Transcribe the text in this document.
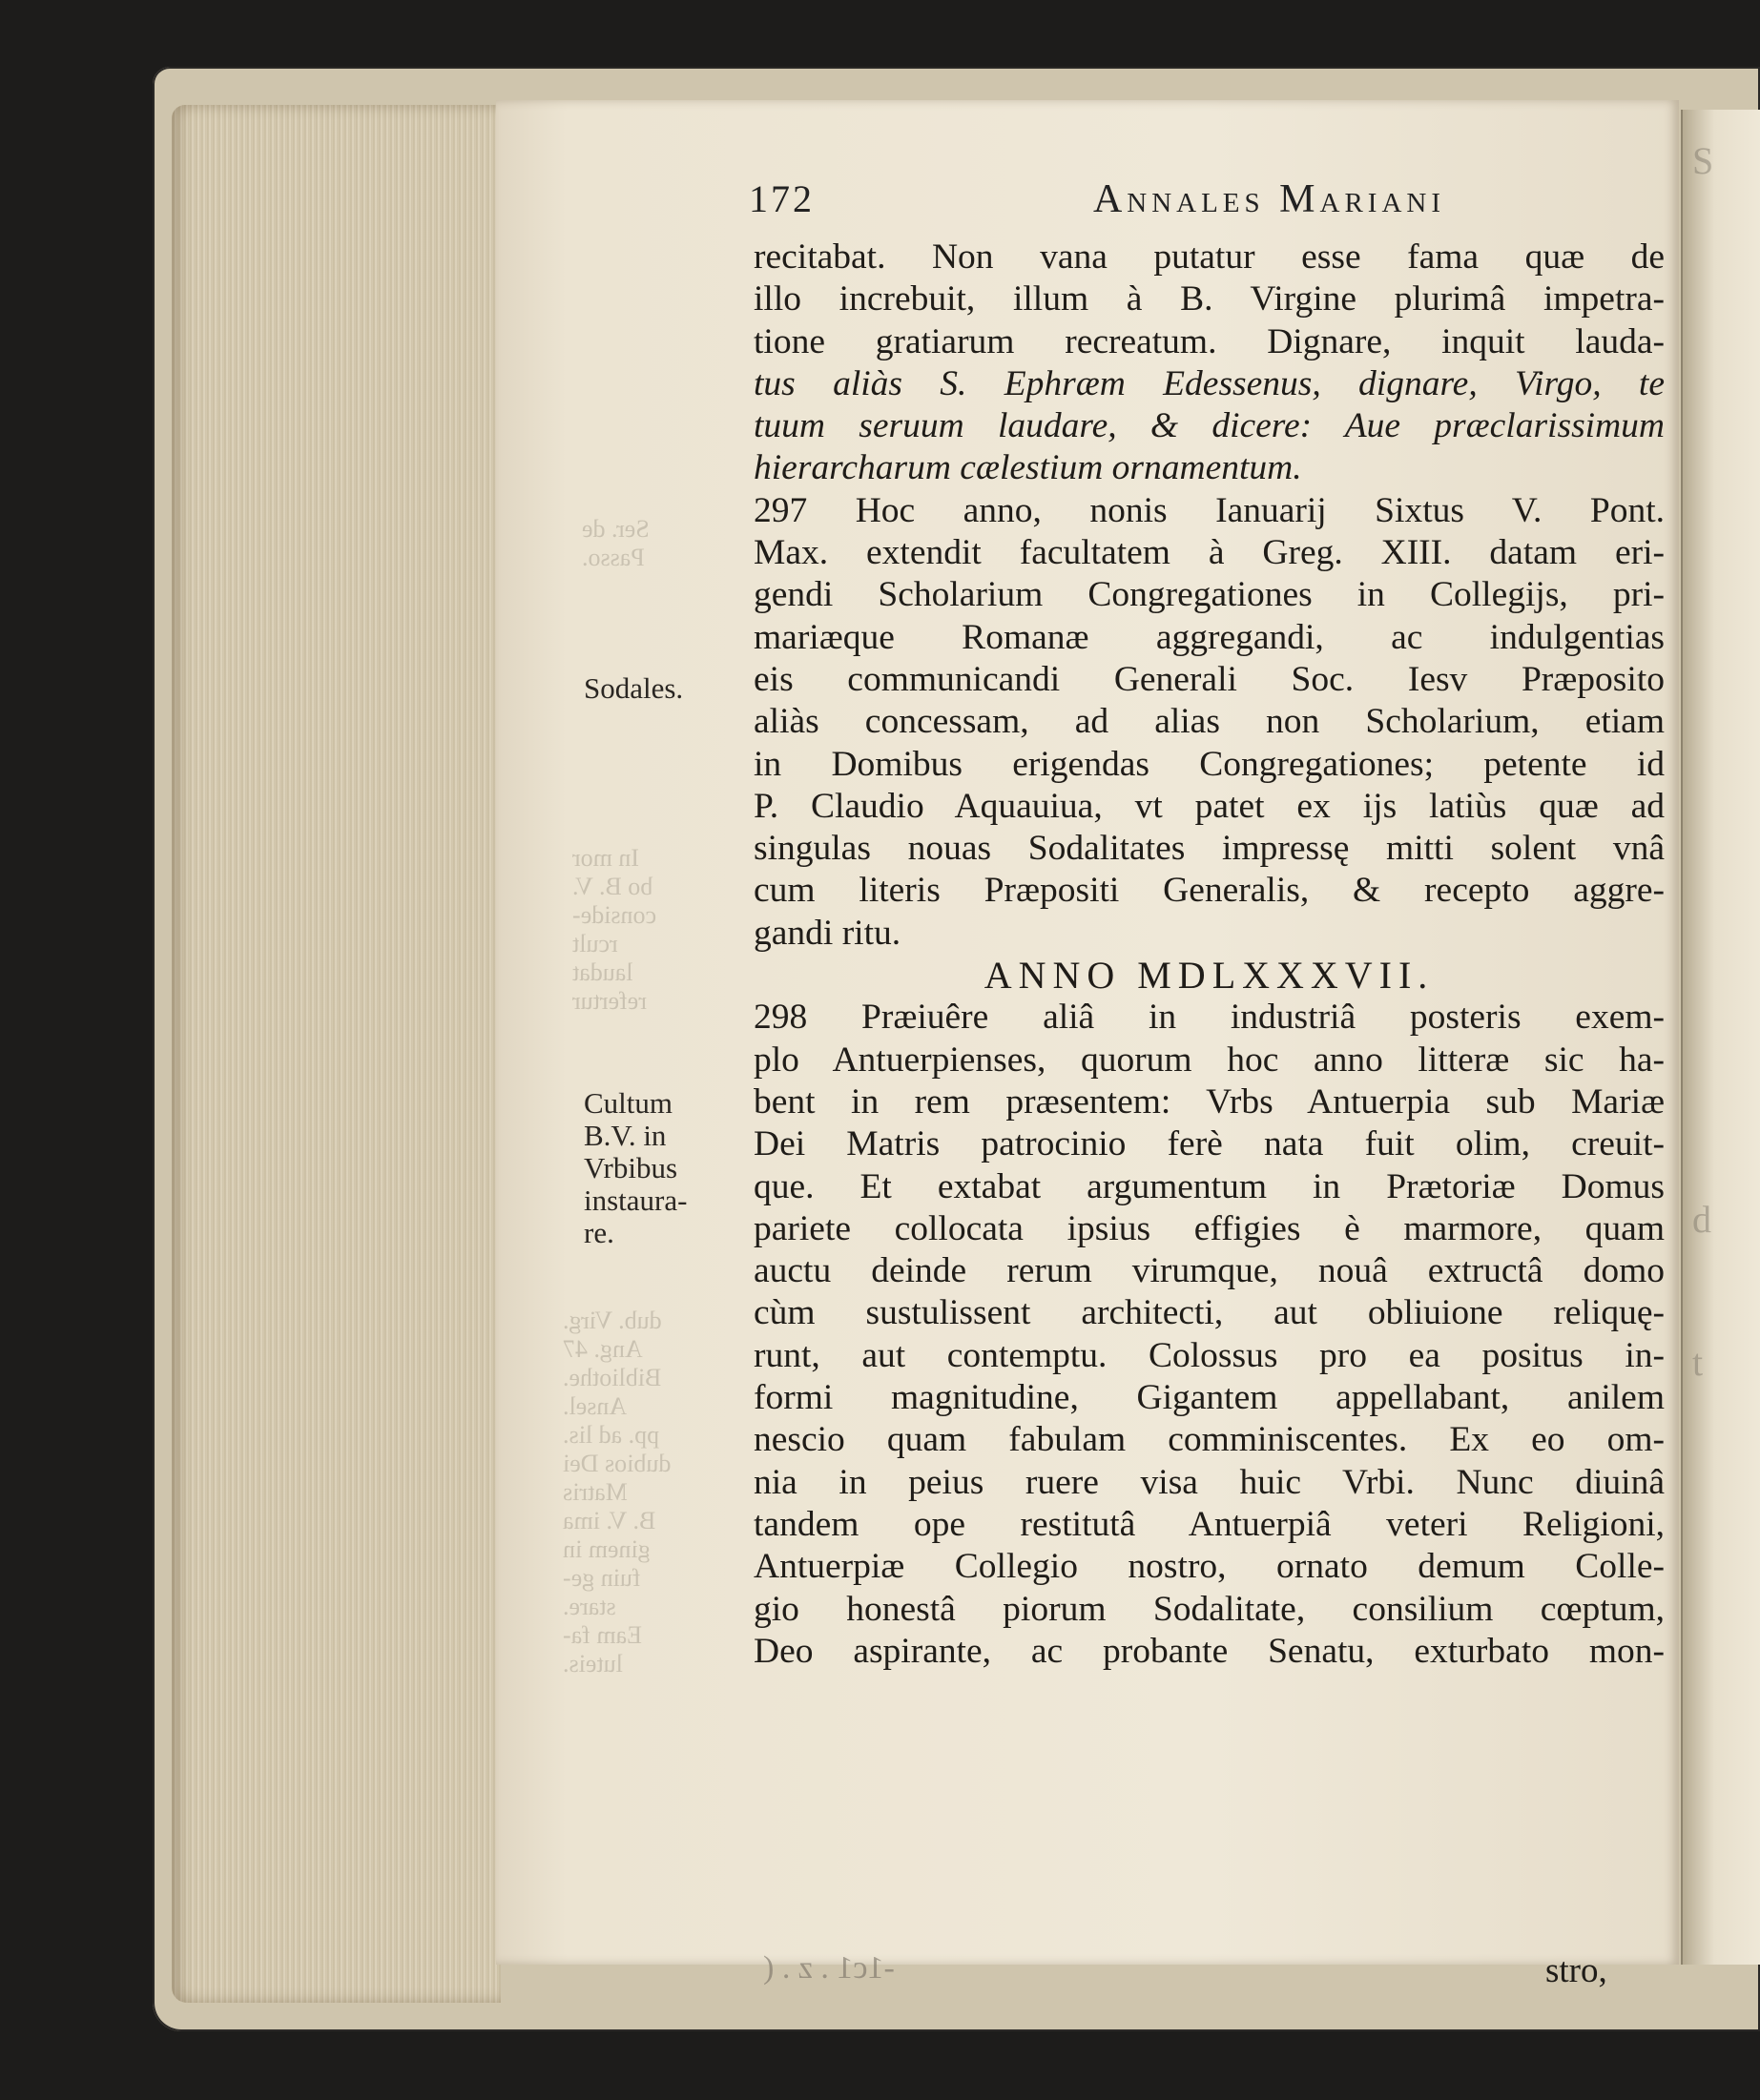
S
d
t
Ser. de
Passo.
In mor
bo B. V.
conside-
rcult
laudat
refertur
dub. Virg.
Ang. 47
Bibliothe.
Ansel.
pp. ad lis.
dubios Dei
Matris
B. V. ima
ginem in
fuin ge-
stare.
Eam fa-
luteis.
172	Annales Mariani
Sodales.
Cultum
B.V. in
Vrbibus
instaura-
re.
recitabat. Non vana putatur esse fama quæ de
illo increbuit, illum à B. Virgine plurimâ impetra-
tione gratiarum recreatum. Dignare, inquit lauda-
tus aliàs S. Ephræm Edessenus, dignare, Virgo, te
tuum seruum laudare, & dicere: Aue præclarissimum
hierarcharum cælestium ornamentum.
297 Hoc anno, nonis Ianuarij Sixtus V. Pont.
Max. extendit facultatem à Greg. XIII. datam eri-
gendi Scholarium Congregationes in Collegijs, pri-
mariæque Romanæ aggregandi, ac indulgentias
eis communicandi Generali Soc. Iesv Præposito
aliàs concessam, ad alias non Scholarium, etiam
in Domibus erigendas Congregationes; petente id
P. Claudio Aquauiua, vt patet ex ijs latiùs quæ ad
singulas nouas Sodalitates impressę mitti solent vnâ
cum literis Præpositi Generalis, & recepto aggre-
gandi ritu.
ANNO MDLXXXVII.
298 Præiuêre aliâ in industriâ posteris exem-
plo Antuerpienses, quorum hoc anno litteræ sic ha-
bent in rem præsentem: Vrbs Antuerpia sub Mariæ
Dei Matris patrocinio ferè nata fuit olim, creuit-
que. Et extabat argumentum in Prætoriæ Domus
pariete collocata ipsius effigies è marmore, quam
auctu deinde rerum virumque, nouâ extructâ domo
cùm sustulissent architecti, aut obliuione reliquę-
runt, aut contemptu. Colossus pro ea positus in-
formi magnitudine, Gigantem appellabant, anilem
nescio quam fabulam comminiscentes. Ex eo om-
nia in peius ruere visa huic Vrbi. Nunc diuinâ
tandem ope restitutâ Antuerpiâ veteri Religioni,
Antuerpiæ Collegio nostro, ornato demum Colle-
gio honestâ piorum Sodalitate, consilium cœptum,
Deo aspirante, ac probante Senatu, exturbato mon-
-1c1 . z . (	stro,
